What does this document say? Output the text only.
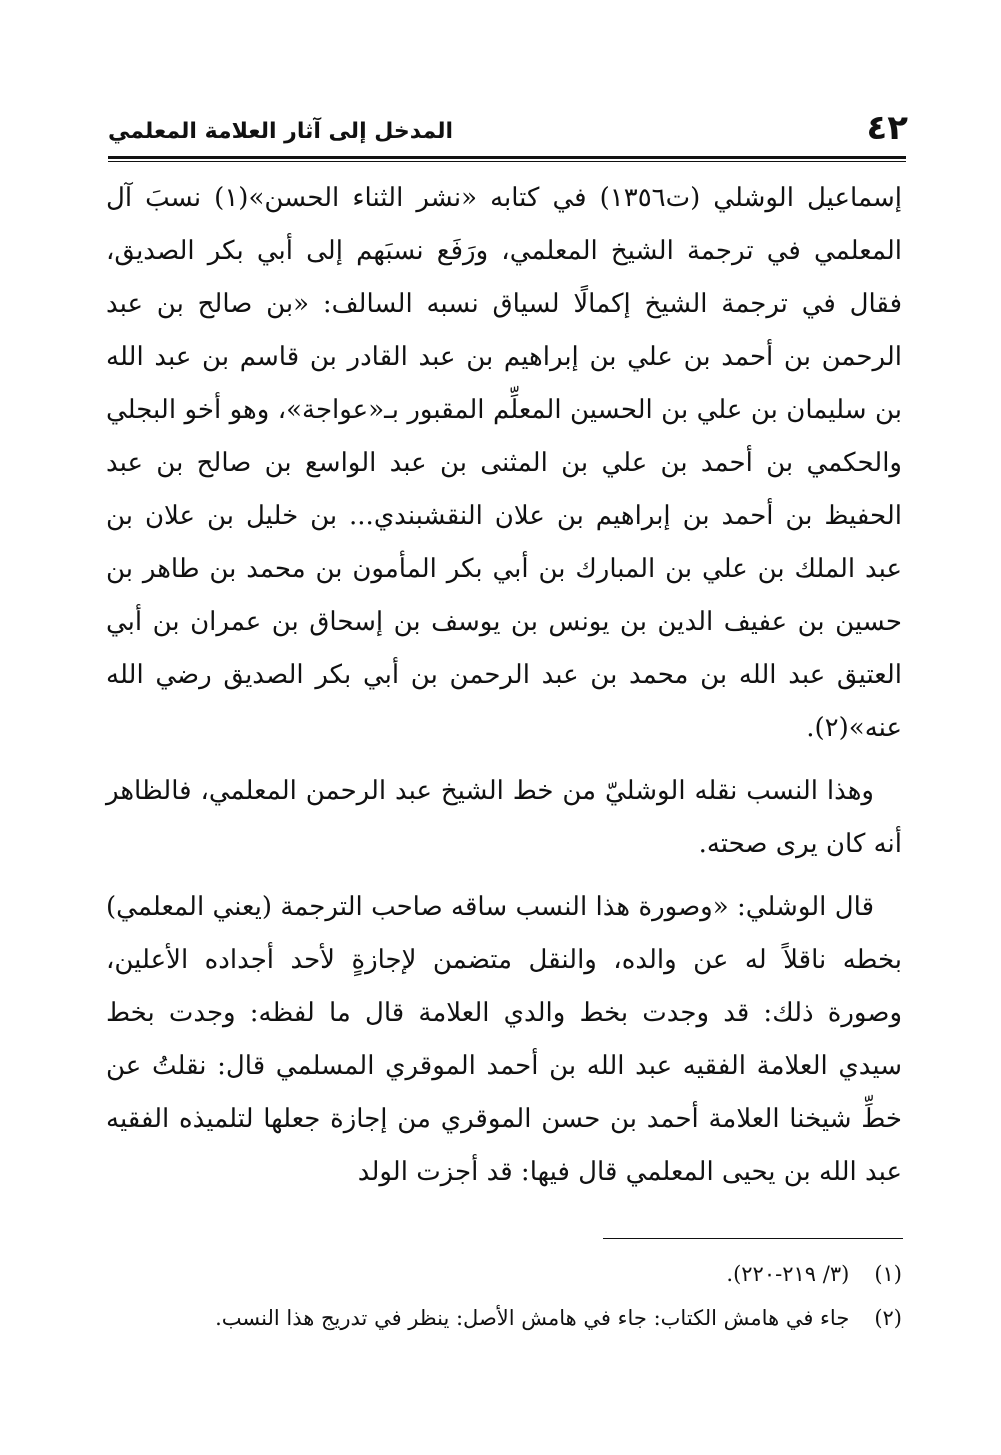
٤٢
المدخل إلى آثار العلامة المعلمي

إسماعيل الوشلي (ت١٣٥٦) في كتابه «نشر الثناء الحسن»(١) نسبَ آل المعلمي في ترجمة الشيخ المعلمي، ورَفَع نسبَهم إلى أبي بكر الصديق، فقال في ترجمة الشيخ إكمالًا لسياق نسبه السالف: «بن صالح بن عبد الرحمن بن أحمد بن علي بن إبراهيم بن عبد القادر بن قاسم بن عبد الله بن سليمان بن علي بن الحسين المعلِّم المقبور بـ«عواجة»، وهو أخو البجلي والحكمي بن أحمد بن علي بن المثنى بن عبد الواسع بن صالح بن عبد الحفيظ بن أحمد بن إبراهيم بن علان النقشبندي... بن خليل بن علان بن عبد الملك بن علي بن المبارك بن أبي بكر المأمون بن محمد بن طاهر بن حسين بن عفيف الدين بن يونس بن يوسف بن إسحاق بن عمران بن أبي العتيق عبد الله بن محمد بن عبد الرحمن بن أبي بكر الصديق رضي الله عنه»(٢).

وهذا النسب نقله الوشليّ من خط الشيخ عبد الرحمن المعلمي، فالظاهر أنه كان يرى صحته.

قال الوشلي: «وصورة هذا النسب ساقه صاحب الترجمة (يعني المعلمي) بخطه ناقلاً له عن والده، والنقل متضمن لإجازةٍ لأحد أجداده الأعلين، وصورة ذلك: قد وجدت بخط والدي العلامة قال ما لفظه: وجدت بخط سيدي العلامة الفقيه عبد الله بن أحمد الموقري المسلمي قال: نقلتُ عن خطِّ شيخنا العلامة أحمد بن حسن الموقري من إجازة جعلها لتلميذه الفقيه عبد الله بن يحيى المعلمي قال فيها: قد أجزت الولد

(١) (٣/ ٢١٩-٢٢٠).

(٢) جاء في هامش الكتاب: جاء في هامش الأصل: ينظر في تدريج هذا النسب.
